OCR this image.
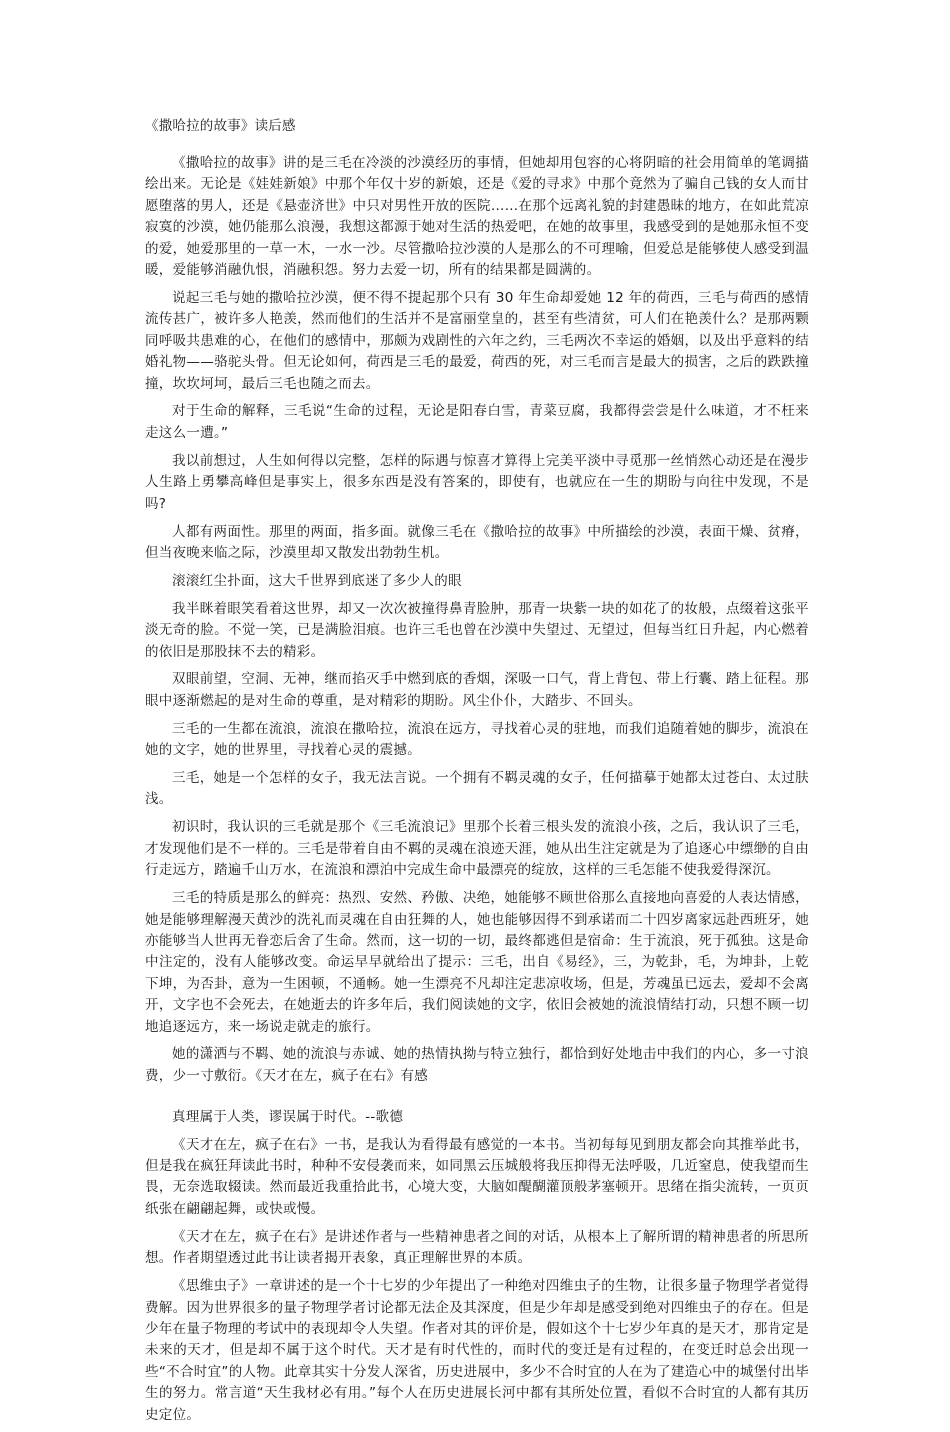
《撒哈拉的故事》读后感

《撒哈拉的故事》讲的是三毛在冷淡的沙漠经历的事情，但她却用包容的心将阴暗的社会用简单的笔调描绘出来。无论是《娃娃新娘》中那个年仅十岁的新娘，还是《爱的寻求》中那个竟然为了骗自己钱的女人而甘愿堕落的男人，还是《悬壶济世》中只对男性开放的医院……在那个远离礼貌的封建愚昧的地方，在如此荒凉寂寞的沙漠，她仍能那么浪漫，我想这都源于她对生活的热爱吧，在她的故事里，我感受到的是她那永恒不变的爱，她爱那里的一草一木，一水一沙。尽管撒哈拉沙漠的人是那么的不可理喻，但爱总是能够使人感受到温暖，爱能够消融仇恨，消融积怨。努力去爱一切，所有的结果都是圆满的。

说起三毛与她的撒哈拉沙漠，便不得不提起那个只有 30 年生命却爱她 12 年的荷西，三毛与荷西的感情流传甚广，被许多人艳羡，然而他们的生活并不是富丽堂皇的，甚至有些清贫，可人们在艳羡什么？是那两颗同呼吸共患难的心，在他们的感情中，那颇为戏剧性的六年之约，三毛两次不幸运的婚姻，以及出乎意料的结婚礼物——骆驼头骨。但无论如何，荷西是三毛的最爱，荷西的死，对三毛而言是最大的损害，之后的跌跌撞撞，坎坎坷坷，最后三毛也随之而去。

对于生命的解释，三毛说“生命的过程，无论是阳春白雪，青菜豆腐，我都得尝尝是什么味道，才不枉来走这么一遭。”

我以前想过，人生如何得以完整，怎样的际遇与惊喜才算得上完美平淡中寻觅那一丝悄然心动还是在漫步人生路上勇攀高峰但是事实上，很多东西是没有答案的，即使有，也就应在一生的期盼与向往中发现，不是吗?

人都有两面性。那里的两面，指多面。就像三毛在《撒哈拉的故事》中所描绘的沙漠，表面干燥、贫瘠，但当夜晚来临之际，沙漠里却又散发出勃勃生机。

滚滚红尘扑面，这大千世界到底迷了多少人的眼

我半眯着眼笑看着这世界，却又一次次被撞得鼻青脸肿，那青一块紫一块的如花了的妆般，点缀着这张平淡无奇的脸。不觉一笑，已是满脸泪痕。也许三毛也曾在沙漠中失望过、无望过，但每当红日升起，内心燃着的依旧是那股抹不去的精彩。

双眼前望，空洞、无神，继而掐灭手中燃到底的香烟，深吸一口气，背上背包、带上行囊、踏上征程。那眼中逐渐燃起的是对生命的尊重，是对精彩的期盼。风尘仆仆，大踏步、不回头。

三毛的一生都在流浪，流浪在撒哈拉，流浪在远方，寻找着心灵的驻地，而我们追随着她的脚步，流浪在她的文字，她的世界里，寻找着心灵的震撼。

三毛，她是一个怎样的女子，我无法言说。一个拥有不羁灵魂的女子，任何描摹于她都太过苍白、太过肤浅。

初识时，我认识的三毛就是那个《三毛流浪记》里那个长着三根头发的流浪小孩，之后，我认识了三毛，才发现他们是不一样的。三毛是带着自由不羁的灵魂在浪迹天涯，她从出生注定就是为了追逐心中缥缈的自由行走远方，踏遍千山万水，在流浪和漂泊中完成生命中最漂亮的绽放，这样的三毛怎能不使我爱得深沉。

三毛的特质是那么的鲜亮：热烈、安然、矜傲、决绝，她能够不顾世俗那么直接地向喜爱的人表达情感，她是能够理解漫天黄沙的洗礼而灵魂在自由狂舞的人，她也能够因得不到承诺而二十四岁离家远赴西班牙，她亦能够当人世再无眷恋后舍了生命。然而，这一切的一切，最终都逃但是宿命：生于流浪，死于孤独。这是命中注定的，没有人能够改变。命运早早就给出了提示：三毛，出自《易经》，三，为乾卦，毛，为坤卦，上乾下坤，为否卦，意为一生困顿，不通畅。她一生漂亮不凡却注定悲凉收场，但是，芳魂虽已远去，爱却不会离开，文字也不会死去，在她逝去的许多年后，我们阅读她的文字，依旧会被她的流浪情结打动，只想不顾一切地追逐远方，来一场说走就走的旅行。

她的潇洒与不羁、她的流浪与赤诚、她的热情执拗与特立独行，都恰到好处地击中我们的内心，多一寸浪费，少一寸敷衍。《天才在左，疯子在右》有感

真理属于人类，谬误属于时代。--歌德

《天才在左，疯子在右》一书，是我认为看得最有感觉的一本书。当初每每见到朋友都会向其推举此书，但是我在疯狂拜读此书时，种种不安侵袭而来，如同黑云压城般将我压抑得无法呼吸，几近窒息，使我望而生畏，无奈选取辍读。然而最近我重拾此书，心境大变，大脑如醍醐灌顶般茅塞顿开。思绪在指尖流转，一页页纸张在翩翩起舞，或快或慢。

《天才在左，疯子在右》是讲述作者与一些精神患者之间的对话，从根本上了解所谓的精神患者的所思所想。作者期望透过此书让读者揭开表象，真正理解世界的本质。

《思维虫子》一章讲述的是一个十七岁的少年提出了一种绝对四维虫子的生物，让很多量子物理学者觉得费解。因为世界很多的量子物理学者讨论都无法企及其深度，但是少年却是感受到绝对四维虫子的存在。但是少年在量子物理的考试中的表现却令人失望。作者对其的评价是，假如这个十七岁少年真的是天才，那肯定是未来的天才，但是却不属于这个时代。天才是有时代性的，而时代的变迁是有过程的，在变迁时总会出现一些“不合时宜”的人物。此章其实十分发人深省，历史进展中，多少不合时宜的人在为了建造心中的城堡付出毕生的努力。常言道“天生我材必有用。”每个人在历史进展长河中都有其所处位置，看似不合时宜的人都有其历史定位。
